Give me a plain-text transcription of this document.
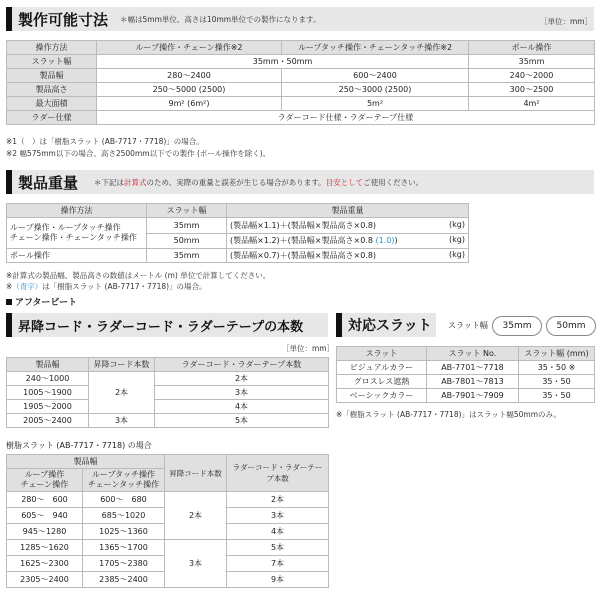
製作可能寸法 ＊幅は5mm単位、高さは10mm単位での製作になります。	［単位：mm］
操作方法	ループ操作・チェーン操作※2	ループタッチ操作・チェーンタッチ操作※2	ポール操作
スラット幅	35mm・50mm		35mm
製品幅	280～2400	600～2400	240～2000
製品高さ	250～5000 (2500)	250～3000 (2500)	300～2500
最大面積	9m² (6m²)	5m²	4m²
ラダー仕様	ラダーコード仕様・ラダーテープ仕様		
※1（　）は「樹脂スラット (AB-7717・7718)」の場合。
※2 幅575mm以下の場合、高さ2500mm以下での製作 (ポール操作を除く)。
製品重量 ＊下記は計算式のため、実際の重量と誤差が生じる場合があります。目安としてご使用ください。
操作方法	スラット幅	製品重量
ループ操作・ループタッチ操作
チェーン操作・チェーンタッチ操作	35mm	(製品幅×1.1)＋(製品幅×製品高さ×0.8) (kg)

	50mm	(製品幅×1.2)＋(製品幅×製品高さ×0.8 (1.0)) (kg)

ポール操作	35mm	(製品幅×0.7)＋(製品幅×製品高さ×0.8) (kg)
※計算式の製品幅、製品高さの数値はメートル (m) 単位で計算してください。
※（青字）は「樹脂スラット (AB-7717・7718)」の場合。
アフタービート
昇降コード・ラダーコード・ラダーテープの本数
［単位：mm］
製品幅	昇降コード本数	ラダーコード・ラダーテープ本数
240～1000	2本	2本
1005～1900		3本
1905～2000		4本
2005～2400	3本	5本
樹脂スラット (AB-7717・7718) の場合
製品幅		昇降コード本数	ラダーコード・ラダーテープ本数
ループ操作
チェーン操作	ループタッチ操作
チェーンタッチ操作		
280～　600	600～　680	2本	2本
605～　940	685～1020		3本
945～1280	1025～1360		4本
1285～1620	1365～1700	3本	5本
1625～2300	1705～2380		7本
2305～2400	2385～2400		9本
対応スラット スラット幅	35mm	50mm
スラット	スラット No.	スラット幅 (mm)
ビジュアルカラー	AB-7701～7718	35・50 ※
グロスレス遮熱	AB-7801～7813	35・50
ベーシックカラー	AB-7901～7909	35・50
※「樹脂スラット (AB-7717・7718)」はスラット幅50mmのみ。
